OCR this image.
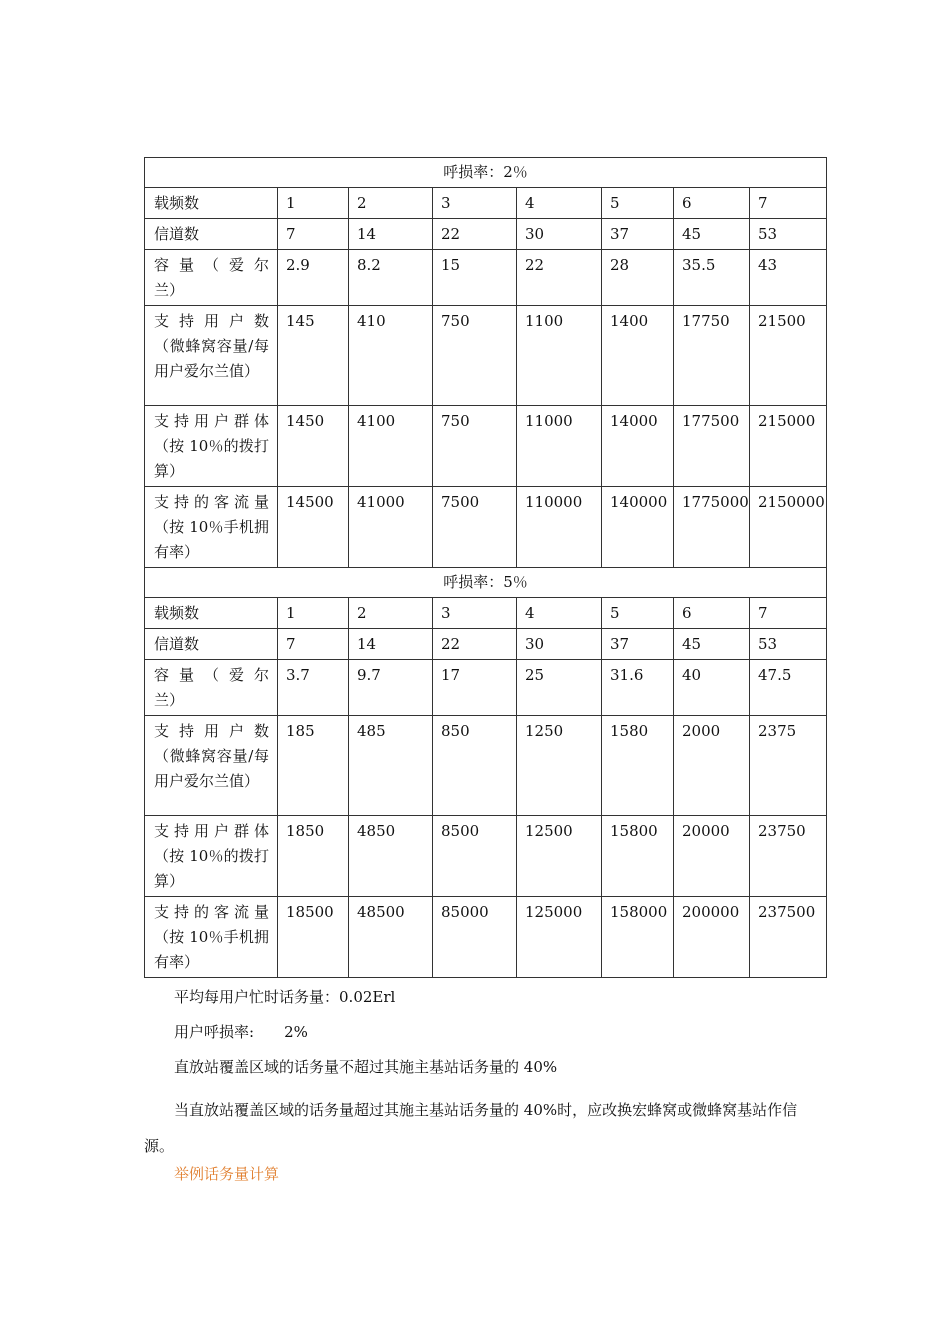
呼损率：2％							
载频数	1	2	3	4	5	6	7
信道数	7	14	22	30	37	45	53
容 量 （ 爱 尔 兰）	2.9	8.2	15	22	28	35.5	43
支 持 用 户 数（微蜂窝容量/每用户爱尔兰值）	145	410	750	1100	1400	17750	21500
支持用户群体（按 10％的拨打算）	1450	4100	750	11000	14000	177500	215000
支持的客流量（按 10％手机拥有率）	14500	41000	7500	110000	140000	1775000	2150000
呼损率：5％							
载频数	1	2	3	4	5	6	7
信道数	7	14	22	30	37	45	53
容 量 （ 爱 尔 兰）	3.7	9.7	17	25	31.6	40	47.5
支 持 用 户 数（微蜂窝容量/每用户爱尔兰值）	185	485	850	1250	1580	2000	2375
支持用户群体（按 10％的拨打算）	1850	4850	8500	12500	15800	20000	23750
支持的客流量（按 10％手机拥有率）	18500	48500	85000	125000	158000	200000	237500
平均每用户忙时话务量：0.02Erl
用户呼损率: 2%
直放站覆盖区域的话务量不超过其施主基站话务量的 40%
当直放站覆盖区域的话务量超过其施主基站话务量的 40%时，应改换宏蜂窝或微蜂窝基站作信源。
举例话务量计算
